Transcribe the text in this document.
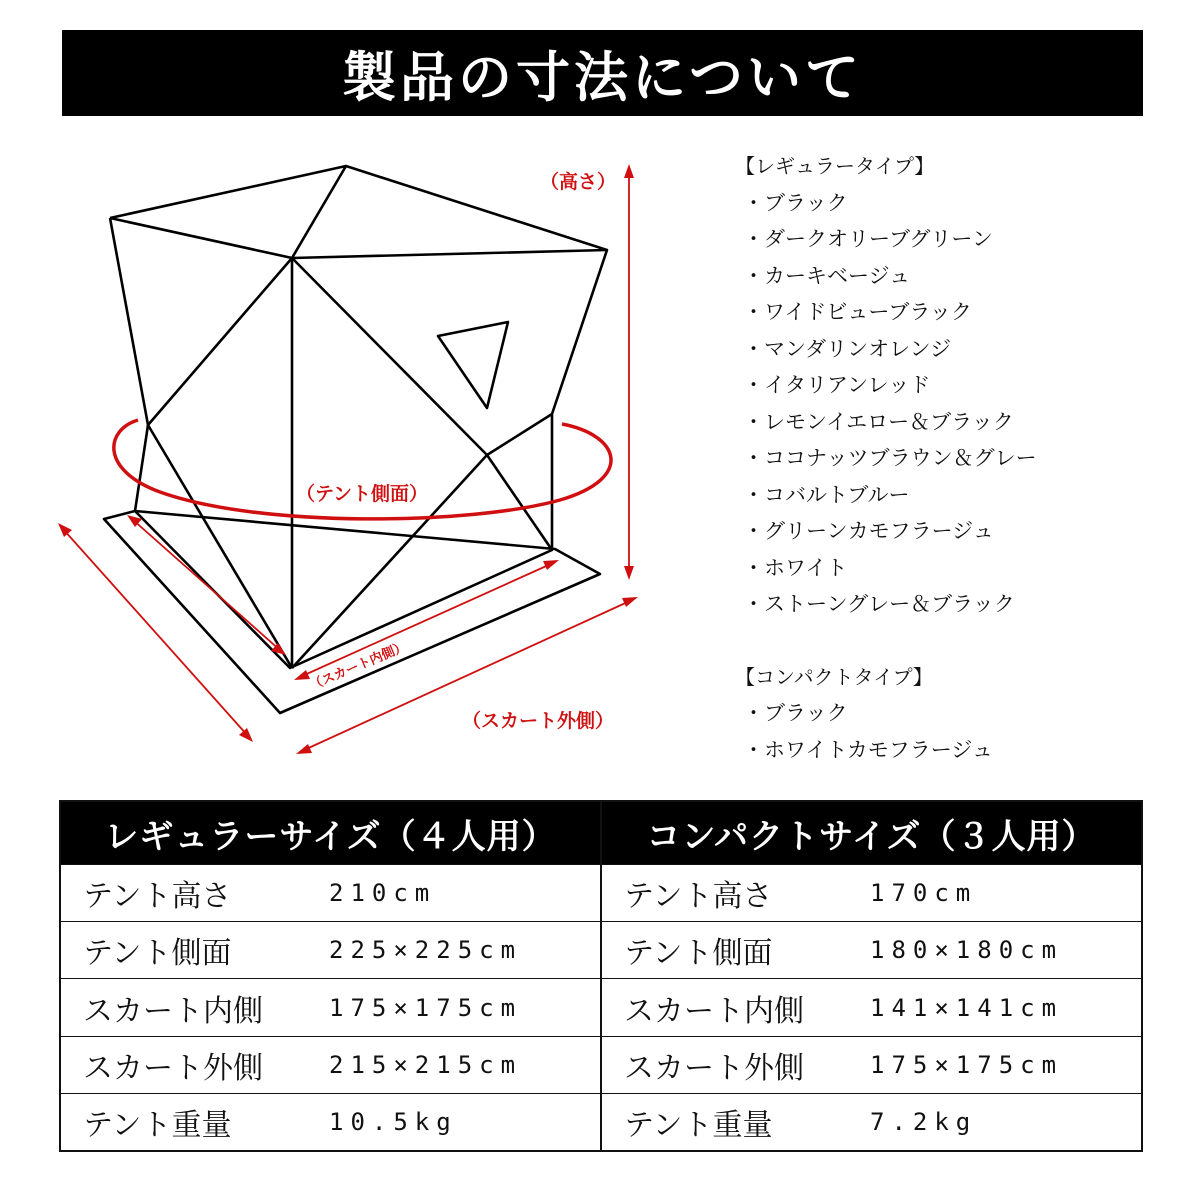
製品の寸法について
（高さ）
（テント側面）
（スカート内側）
（スカート外側）
【レギュラータイプ】
・ ブラック
・ ダークオリーブグリーン
・ カーキベージュ
・ ワイドビューブラック
・ マンダリンオレンジ
・ イタリアンレッド
・ レモンイエロー＆ブラック
・ ココナッツブラウン＆グレー
・ コバルトブルー
・ グリーンカモフラージュ
・ ホワイト
・ ストーングレー＆ブラック
【コンパクトタイプ】
・ ブラック
・ ホワイトカモフラージュ
レギュラーサイズ（４人用）
テント高さ	210cm
テント側面	225×225cm
スカート内側	175×175cm
スカート外側	215×215cm
テント重量	10.5kg
コンパクトサイズ（３人用）
テント高さ	170cm
テント側面	180×180cm
スカート内側	141×141cm
スカート外側	175×175cm
テント重量	7.2kg
